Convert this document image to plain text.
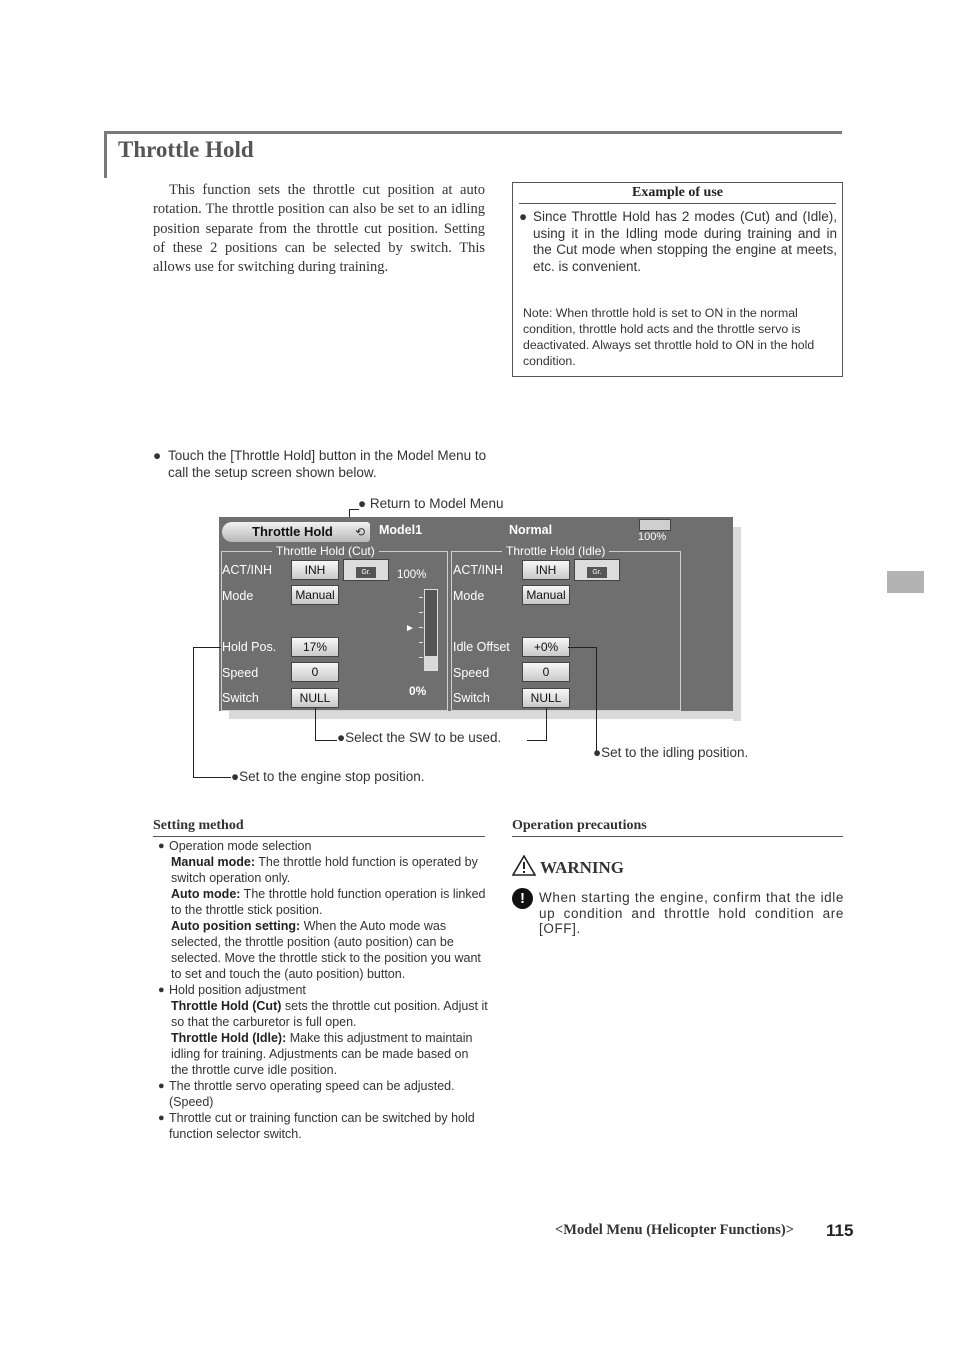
Throttle Hold

This function sets the throttle cut position at auto rotation. The throttle position can also be set to an idling position separate from the throttle cut position. Setting of these 2 positions can be selected by switch. This allows use for switching during training.

Example of use
● Since Throttle Hold has 2 modes (Cut) and (Idle), using it in the Idling mode during training and in the Cut mode when stopping the engine at meets, etc. is convenient.
Note: When throttle hold is set to ON in the normal condition, throttle hold acts and the throttle servo is deactivated. Always set throttle hold to ON in the hold condition.
● Touch the [Throttle Hold] button in the Model Menu to call the setup screen shown below.
● Return to Model Menu
Throttle Hold	⟲ Model1	Normal	100%
Throttle Hold (Cut)
ACT/INH	INH	Gr.	100%
Mode	Manual
Hold Pos.	17%
Speed	0
Switch	NULL
►
0%
Throttle Hold (Idle)
ACT/INH	INH	Gr.
Mode	Manual
Idle Offset	+0%
Speed	0
Switch	NULL
●Set to the engine stop position.
●Select the SW to be used.
●Set to the idling position.
Setting method
● Operation mode selection
Manual mode: The throttle hold function is operated by switch operation only.
Auto mode: The throttle hold function operation is linked to the throttle stick position.
Auto position setting: When the Auto mode was selected, the throttle position (auto position) can be selected. Move the throttle stick to the position you want to set and touch the (auto position) button.
● Hold position adjustment
Throttle Hold (Cut) sets the throttle cut position. Adjust it so that the carburetor is full open.
Throttle Hold (Idle): Make this adjustment to maintain idling for training. Adjustments can be made based on the throttle curve idle position.
● The throttle servo operating speed can be adjusted. (Speed)
● Throttle cut or training function can be switched by hold function selector switch.
Operation precautions
WARNING
!	When starting the engine, confirm that the idle up condition and throttle hold condition are [OFF].
<Model Menu (Helicopter Functions)> 115
